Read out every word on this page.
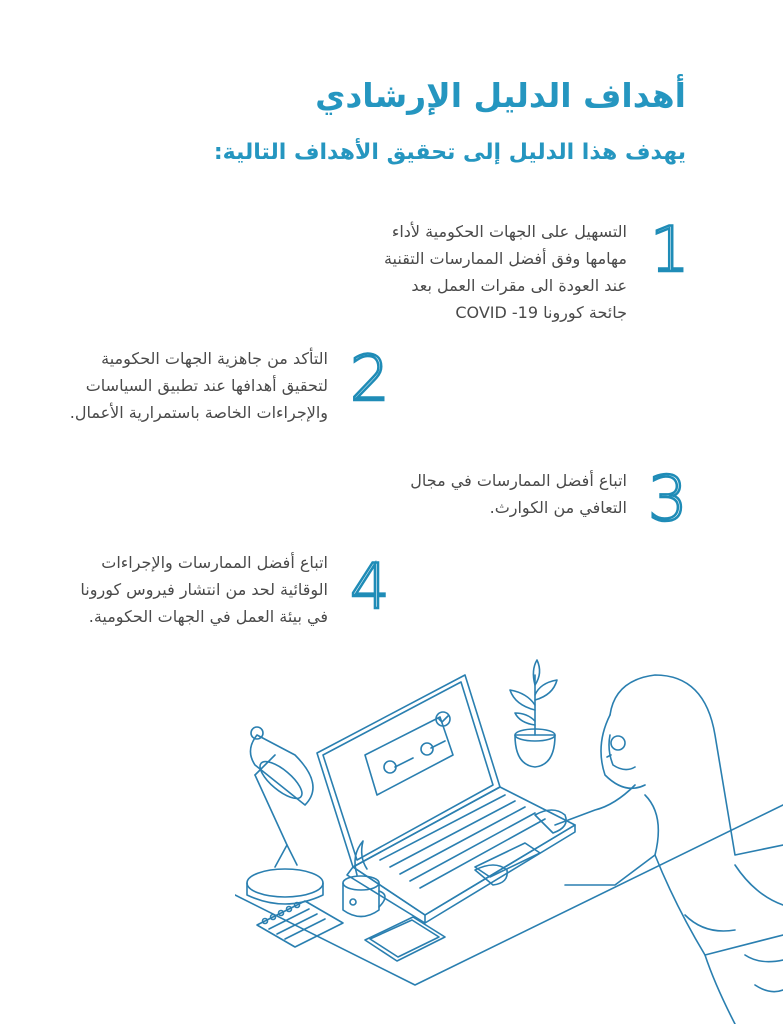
أهداف الدليل الإرشادي
يهدف هذا الدليل إلى تحقيق الأهداف التالية:
1
التسهيل على الجهات الحكومية لأداء
مهامها وفق أفضل الممارسات التقنية
عند العودة الى مقرات العمل بعد
جائحة كورونا 19- COVID
2
التأكد من جاهزية الجهات الحكومية
لتحقيق أهدافها عند تطبيق السياسات
والإجراءات الخاصة باستمرارية الأعمال.
3
اتباع أفضل الممارسات في مجال
التعافي من الكوارث.
4
اتباع أفضل الممارسات والإجراءات
الوقائية لحد من انتشار فيروس كورونا
في بيئة العمل في الجهات الحكومية.
